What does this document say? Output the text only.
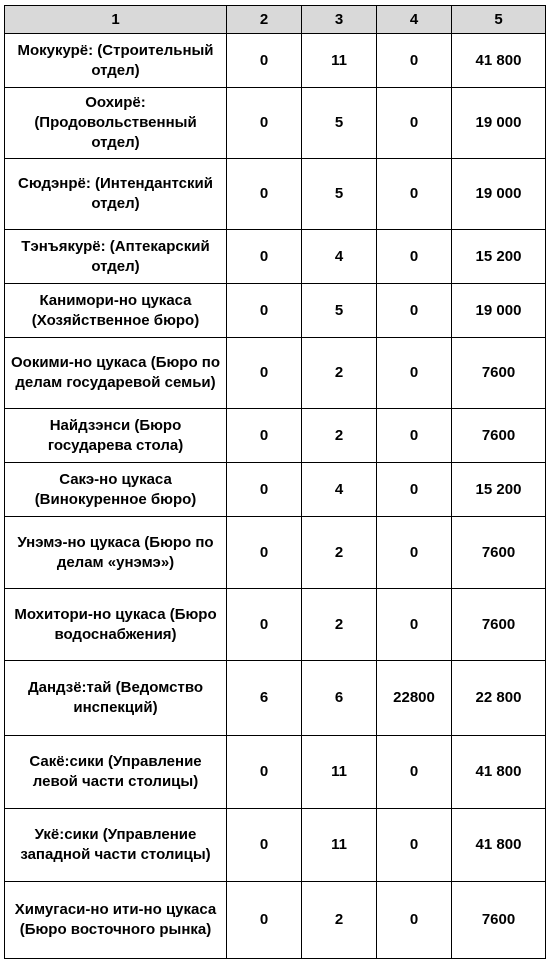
1	2	3	4	5
Мокукурё: (Строительный отдел)	0	11	0	41 800
Оохирё: (Продовольственный отдел)	0	5	0	19 000
Сюдэнрё: (Интендантский отдел)	0	5	0	19 000
Тэнъякурё: (Аптекарский отдел)	0	4	0	15 200
Канимори-но цукаса (Хозяйственное бюро)	0	5	0	19 000
Оокими-но цукаса (Бюро по делам государевой семьи)	0	2	0	7600
Найдзэнси (Бюро государева стола)	0	2	0	7600
Сакэ-но цукаса (Винокуренное бюро)	0	4	0	15 200
Унэмэ-но цукаса (Бюро по делам «унэмэ»)	0	2	0	7600
Мохитори-но цукаса (Бюро водоснабжения)	0	2	0	7600
Дандзё:тай (Ведомство инспекций)	6	6	22800	22 800
Сакё:сики (Управление левой части столицы)	0	11	0	41 800
Укё:сики (Управление западной части столицы)	0	11	0	41 800
Химугаси-но ити-но цукаса (Бюро восточного рынка)	0	2	0	7600
